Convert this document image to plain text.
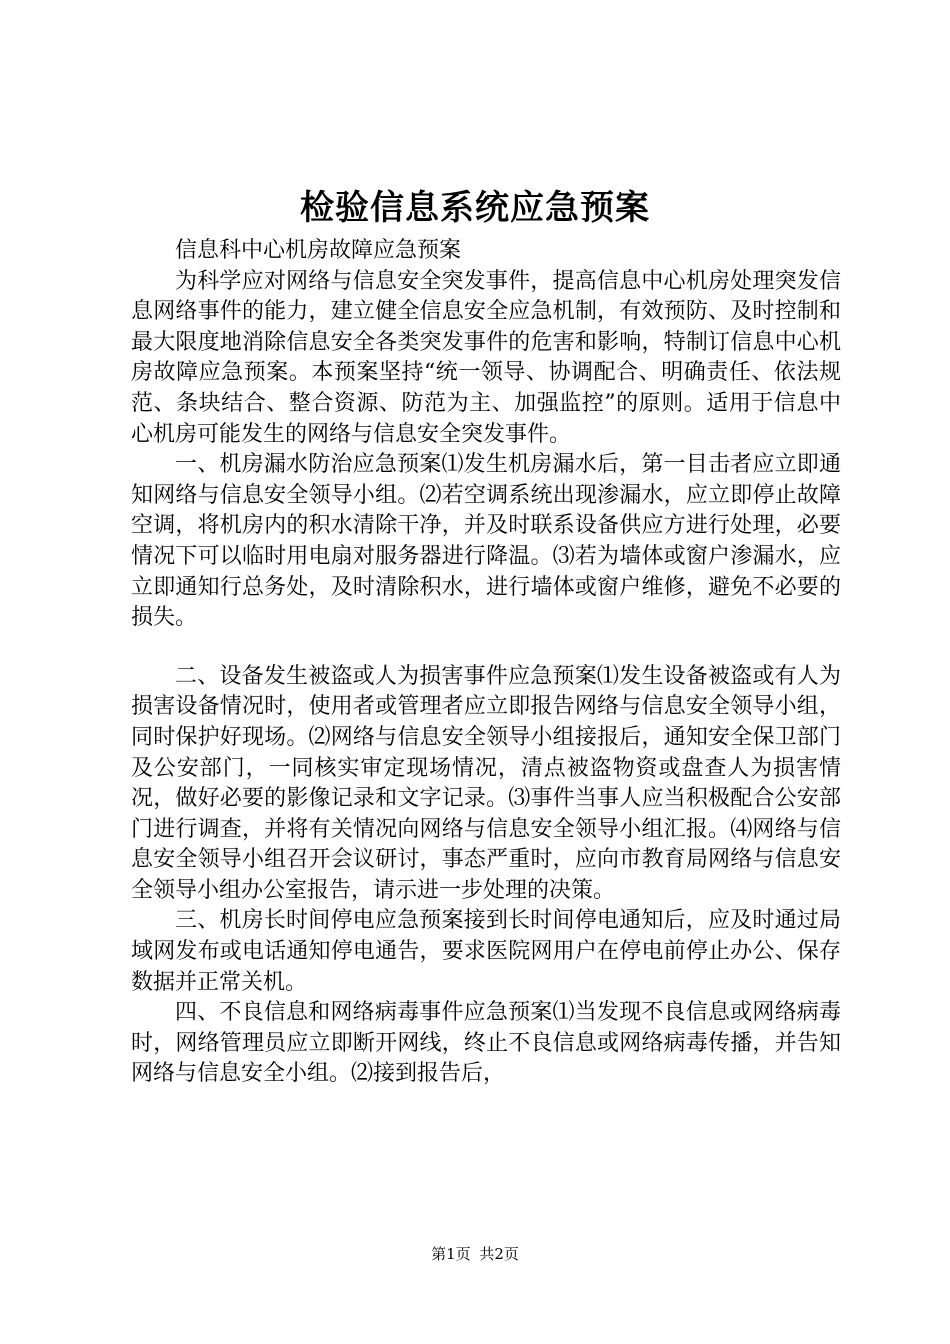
检验信息系统应急预案

信息科中心机房故障应急预案

为科学应对网络与信息安全突发事件，提高信息中心机房处理突发信息网络事件的能力，建立健全信息安全应急机制，有效预防、及时控制和最大限度地消除信息安全各类突发事件的危害和影响，特制订信息中心机房故障应急预案。本预案坚持“统一领导、协调配合、明确责任、依法规范、条块结合、整合资源、防范为主、加强监控”的原则。适用于信息中心机房可能发生的网络与信息安全突发事件。

一、机房漏水防治应急预案⑴发生机房漏水后，第一目击者应立即通知网络与信息安全领导小组。⑵若空调系统出现渗漏水，应立即停止故障空调，将机房内的积水清除干净，并及时联系设备供应方进行处理，必要情况下可以临时用电扇对服务器进行降温。⑶若为墙体或窗户渗漏水，应立即通知行总务处，及时清除积水，进行墙体或窗户维修，避免不必要的损失。

二、设备发生被盗或人为损害事件应急预案⑴发生设备被盗或有人为损害设备情况时，使用者或管理者应立即报告网络与信息安全领导小组，同时保护好现场。⑵网络与信息安全领导小组接报后，通知安全保卫部门及公安部门，一同核实审定现场情况，清点被盗物资或盘查人为损害情况，做好必要的影像记录和文字记录。⑶事件当事人应当积极配合公安部门进行调查，并将有关情况向网络与信息安全领导小组汇报。⑷网络与信息安全领导小组召开会议研讨，事态严重时，应向市教育局网络与信息安全领导小组办公室报告，请示进一步处理的决策。

三、机房长时间停电应急预案接到长时间停电通知后，应及时通过局域网发布或电话通知停电通告，要求医院网用户在停电前停止办公、保存数据并正常关机。

四、不良信息和网络病毒事件应急预案⑴当发现不良信息或网络病毒时，网络管理员应立即断开网线，终止不良信息或网络病毒传播，并告知网络与信息安全小组。⑵接到报告后，

第1页 共2页
